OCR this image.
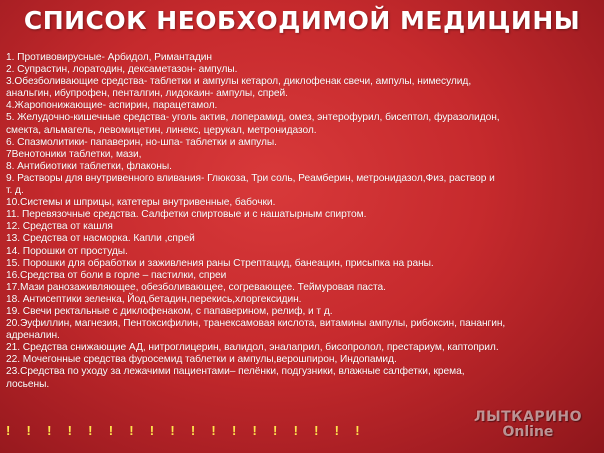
СПИСОК НЕОБХОДИМОЙ МЕДИЦИНЫ
1. Противовирусные- Арбидол, Римантадин
2. Супрастин, лоратодин, дексаметазон- ампулы.
3.Обезболивающие средства- таблетки и ампулы кетарол, диклофенак свечи, ампулы, нимесулид,
анальгин, ибупрофен, пенталгин, лидокаин- ампулы, спрей.
4.Жаропонижающие- аспирин, парацетамол.
5. Желудочно-кишечные средства- уголь актив, лоперамид, омез, энтерофурил, бисептол, фуразолидон,
смекта, альмагель, левомицетин, линекс, церукал, метронидазол.
6. Спазмолитики- папаверин, но-шпа- таблетки и ампулы.
7Венотоники таблетки, мази,
8. Антибиотики таблетки, флаконы.
9. Растворы для внутривенного вливания- Глюкоза, Три соль, Реамберин, метронидазол,Физ, раствор и
т. д.
10.Системы и шприцы, катетеры внутривенные, бабочки.
11. Перевязочные средства. Салфетки спиртовые и с нашатырным спиртом.
12. Средства от кашля
13. Средства от насморка. Капли ,спрей
14. Порошки от простуды.
15. Порошки для обработки и заживления раны Стрептацид, банеацин, присыпка на раны.
16.Средства от боли в горле – пастилки, спреи
17.Мази ранозаживляющее, обезболивающее, согревающее. Теймуровая паста.
18. Антисептики зеленка, Йод,бетадин,перекись,хлоргексидин.
19. Свечи ректальные с диклофенаком, с папаверином, релиф, и т д.
20.Эуфиллин, магнезия, Пентоксифилин, транексамовая кислота, витамины ампулы, рибоксин, панангин,
адреналин.
21. Средства снижающие АД, нитроглицерин, валидол, эналаприл, бисопролол, престариум, каптоприл.
22. Мочегонные средства фуросемид таблетки и ампулы,верошпирон, Индопамид.
23.Средства по уходу за лежачими пациентами– пелёнки, подгузники, влажные салфетки, крема,
лосьены.
! ! ! ! ! ! ! ! ! ! ! ! ! ! ! ! ! !
ЛЫТКАРИНО
Online
